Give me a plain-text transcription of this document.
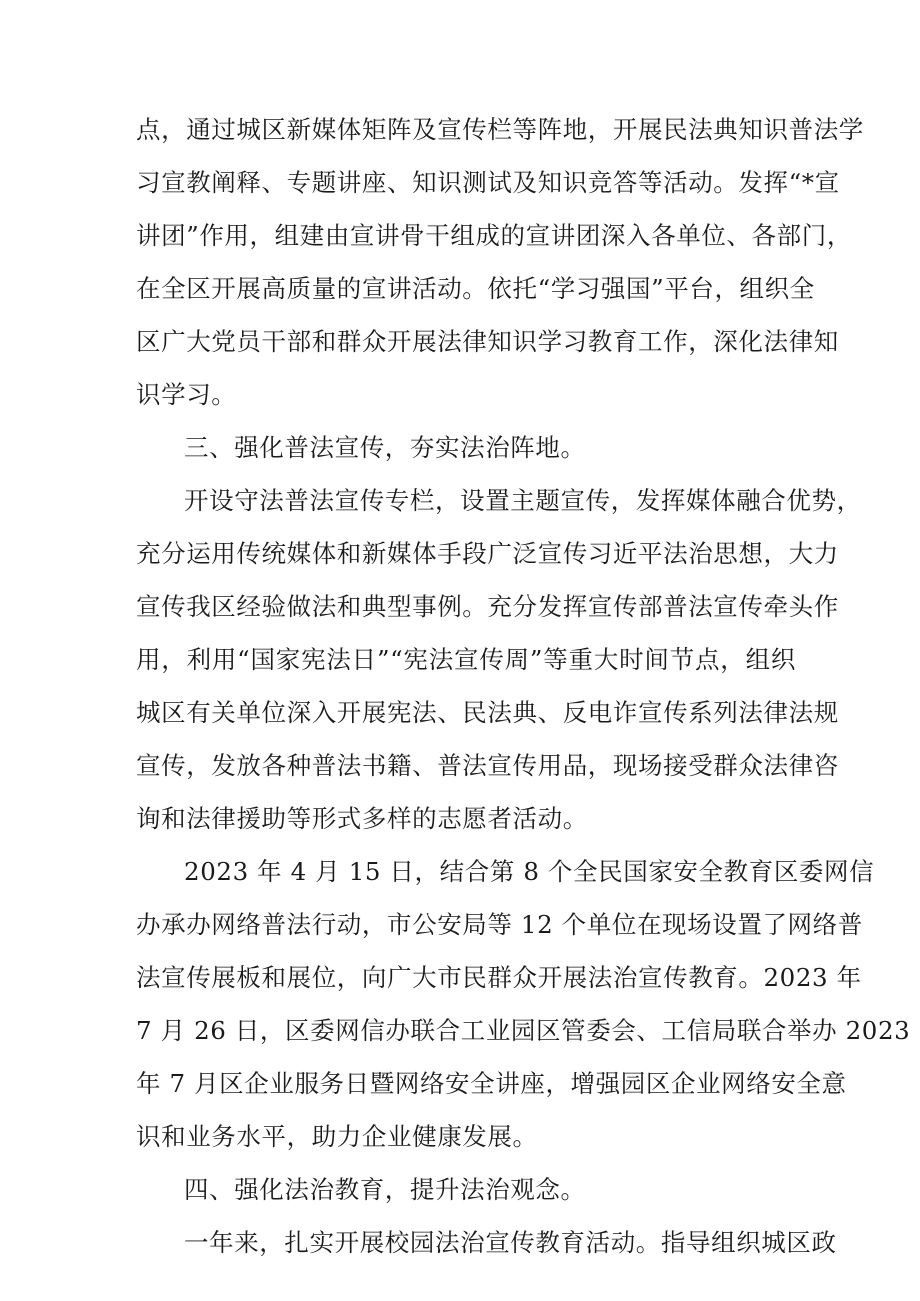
点，通过城区新媒体矩阵及宣传栏等阵地，开展民法典知识普法学
习宣教阐释、专题讲座、知识测试及知识竞答等活动。发挥“*宣
讲团”作用，组建由宣讲骨干组成的宣讲团深入各单位、各部门，
在全区开展高质量的宣讲活动。依托“学习强国”平台，组织全
区广大党员干部和群众开展法律知识学习教育工作，深化法律知
识学习。
三、强化普法宣传，夯实法治阵地。
开设守法普法宣传专栏，设置主题宣传，发挥媒体融合优势，
充分运用传统媒体和新媒体手段广泛宣传习近平法治思想，大力
宣传我区经验做法和典型事例。充分发挥宣传部普法宣传牵头作
用，利用“国家宪法日”“宪法宣传周”等重大时间节点，组织
城区有关单位深入开展宪法、民法典、反电诈宣传系列法律法规
宣传，发放各种普法书籍、普法宣传用品，现场接受群众法律咨
询和法律援助等形式多样的志愿者活动。
2023 年 4 月 15 日，结合第 8 个全民国家安全教育区委网信
办承办网络普法行动，市公安局等 12 个单位在现场设置了网络普
法宣传展板和展位，向广大市民群众开展法治宣传教育。2023 年
7 月 26 日，区委网信办联合工业园区管委会、工信局联合举办 2023
年 7 月区企业服务日暨网络安全讲座，增强园区企业网络安全意
识和业务水平，助力企业健康发展。
四、强化法治教育，提升法治观念。
一年来，扎实开展校园法治宣传教育活动。指导组织城区政
